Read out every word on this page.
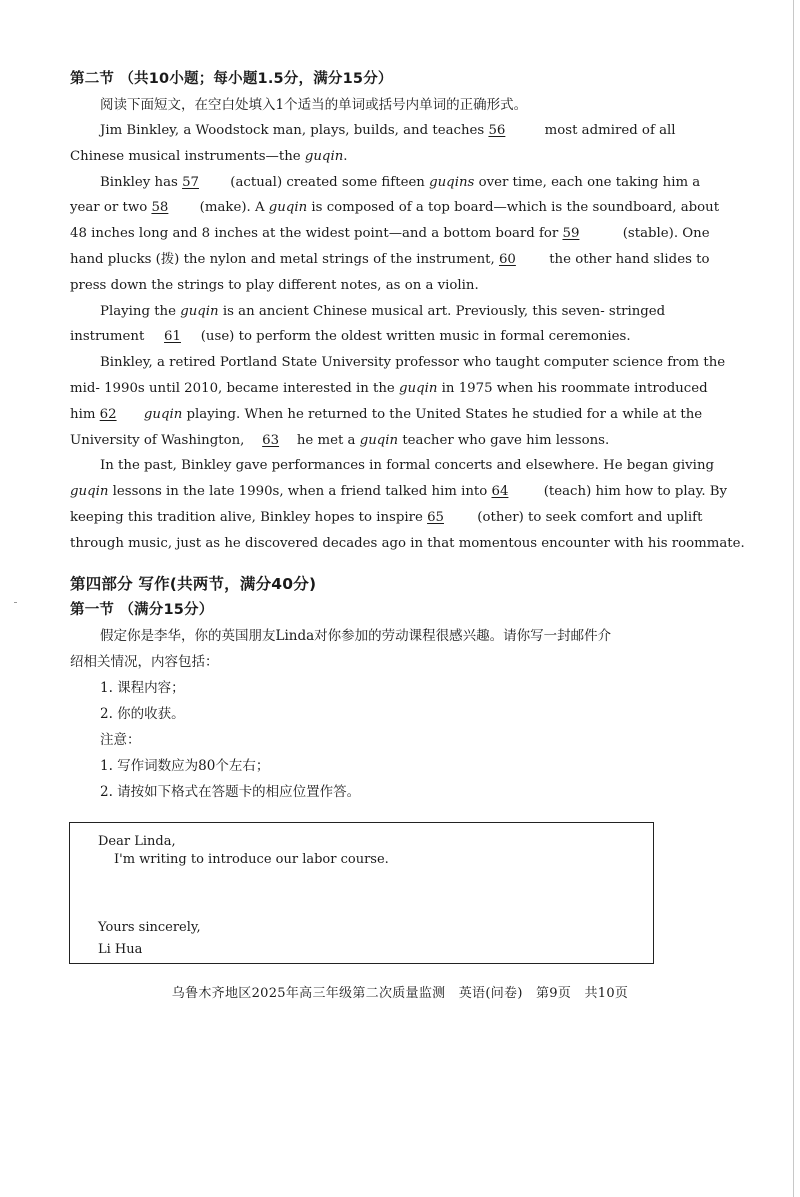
第二节 （共10小题；每小题1.5分，满分15分）
阅读下面短文，在空白处填入1个适当的单词或括号内单词的正确形式。
Jim Binkley, a Woodstock man, plays, builds, and teaches 56	most admired of all
Chinese musical instruments—the guqin.
Binkley has 57 (actual) created some fifteen guqins over time, each one taking him a
year or two 58 (make). A guqin is composed of a top board—which is the soundboard, about
48 inches long and 8 inches at the widest point—and a bottom board for 59	(stable). One
hand plucks (拨) the nylon and metal strings of the instrument, 60 the other hand slides to
press down the strings to play different notes, as on a violin.
Playing the guqin is an ancient Chinese musical art. Previously, this seven- stringed
instrument 61 (use) to perform the oldest written music in formal ceremonies.
Binkley, a retired Portland State University professor who taught computer science from the
mid- 1990s until 2010, became interested in the guqin in 1975 when his roommate introduced
him 62 guqin playing. When he returned to the United States he studied for a while at the
University of Washington, 63 he met a guqin teacher who gave him lessons.
In the past, Binkley gave performances in formal concerts and elsewhere. He began giving
guqin lessons in the late 1990s, when a friend talked him into 64 (teach) him how to play. By
keeping this tradition alive, Binkley hopes to inspire 65 (other) to seek comfort and uplift
through music, just as he discovered decades ago in that momentous encounter with his roommate.
第四部分 写作(共两节，满分40分)
第一节 （满分15分）
假定你是李华，你的英国朋友Linda对你参加的劳动课程很感兴趣。请你写一封邮件介
绍相关情况，内容包括：
1. 课程内容；
2. 你的收获。
注意：
1. 写作词数应为80个左右；
2. 请按如下格式在答题卡的相应位置作答。
Dear Linda,
I'm writing to introduce our labor course.
Yours sincerely,
Li Hua
乌鲁木齐地区2025年高三年级第二次质量监测　英语(问卷)　第9页　共10页
